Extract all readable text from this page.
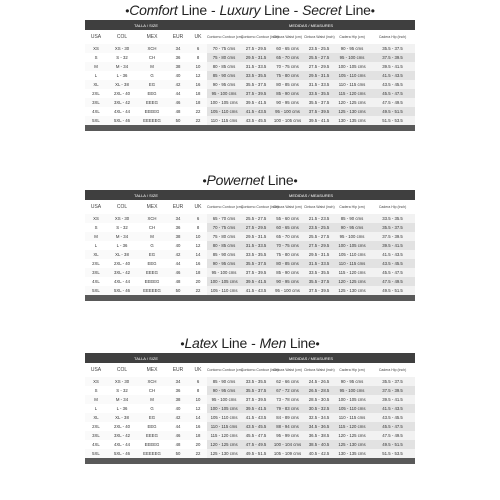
•Comfort Line - Luxury Line - Secret Line•
TALLA / SIZE					MEDIDAS / MEASURES					
USA	COL	MEX	EUR	UK	Contorno Contour (cm)	Contorno Contour (inch)	Cintura Waist (cm)	Cintura Waist (inch)	Cadera Hip (cm)	Cadera Hip (inch)
XS	XS - 30	XCH	34	6	70 - 75 cms	27.5 - 29.5	60 - 65 cms	23.5 - 25.5	90 - 95 cms	35.5 - 37.5
S	S - 32	CH	36	8	75 - 80 cms	29.5 - 31.5	65 - 70 cms	25.5 - 27.5	95 - 100 cms	37.5 - 39.5
M	M - 34	M	38	10	80 - 85 cms	31.5 - 33.5	70 - 75 cms	27.5 - 29.5	100 - 105 cms	39.5 - 41.5
L	L - 36	G	40	12	85 - 90 cms	33.5 - 35.5	75 - 80 cms	29.5 - 31.5	105 - 110 cms	41.5 - 43.5
XL	XL - 38	EG	42	16	90 - 95 cms	35.5 - 37.5	80 - 85 cms	31.5 - 33.5	110 - 115 cms	43.5 - 45.5
2XL	2XL - 40	EEG	44	18	95 - 100 cms	37.5 - 39.5	85 - 90 cms	33.5 - 35.5	115 - 120 cms	45.5 - 47.5
3XL	3XL - 42	EEEG	46	18	100 - 105 cms	39.5 - 41.5	90 - 95 cms	35.5 - 37.5	120 - 125 cms	47.5 - 49.5
4XL	4XL - 44	EEEEG	48	22	105 - 110 cms	41.5 - 43.5	95 - 100 cms	37.5 - 39.5	125 - 130 cms	49.5 - 51.5
5XL	5XL - 46	EEEEEG	50	22	110 - 115 cms	43.5 - 45.5	100 - 105 cms	39.5 - 41.5	130 - 135 cms	51.5 - 53.5

•Powernet Line•
TALLA / SIZE					MEDIDAS / MEASURES					
USA	COL	MEX	EUR	UK	Contorno Contour (cm)	Contorno Contour (inch)	Cintura Waist (cm)	Cintura Waist (inch)	Cadera Hip (cm)	Cadera Hip (inch)
XS	XS - 30	XCH	34	6	65 - 70 cms	25.5 - 27.5	55 - 60 cms	21.5 - 23.5	85 - 90 cms	33.5 - 35.5
S	S - 32	CH	36	8	70 - 75 cms	27.5 - 29.5	60 - 65 cms	23.5 - 25.5	90 - 95 cms	35.5 - 37.5
M	M - 34	M	38	10	75 - 80 cms	29.5 - 31.5	65 - 70 cms	25.5 - 27.5	95 - 100 cms	37.5 - 39.5
L	L - 36	G	40	12	80 - 85 cms	31.5 - 33.5	70 - 75 cms	27.5 - 29.5	100 - 105 cms	39.5 - 41.5
XL	XL - 38	EG	42	14	85 - 90 cms	33.5 - 35.5	75 - 80 cms	29.5 - 31.5	105 - 110 cms	41.5 - 43.5
2XL	2XL - 40	EEG	44	16	90 - 95 cms	35.5 - 37.5	80 - 85 cms	31.5 - 33.5	110 - 115 cms	43.5 - 45.5
3XL	3XL - 42	EEEG	46	18	95 - 100 cms	37.5 - 39.5	85 - 90 cms	33.5 - 35.5	115 - 120 cms	45.5 - 47.5
4XL	4XL - 44	EEEEG	48	20	100 - 105 cms	39.5 - 41.5	90 - 95 cms	35.5 - 37.5	120 - 125 cms	47.5 - 49.5
5XL	5XL - 46	EEEEEG	50	22	105 - 110 cms	41.5 - 43.5	95 - 100 cms	37.5 - 39.5	125 - 130 cms	49.5 - 51.5

•Latex Line - Men Line•
TALLA / SIZE					MEDIDAS / MEASURES					
USA	COL	MEX	EUR	UK	Contorno Contour (cm)	Contorno Contour (inch)	Cintura Waist (cm)	Cintura Waist (inch)	Cadera Hip (cm)	Cadera Hip (inch)
XS	XS - 30	XCH	34	6	85 - 90 cms	33.5 - 35.5	62 - 66 cms	24.5 - 26.5	90 - 95 cms	35.5 - 37.5
S	S - 32	CH	36	8	90 - 95 cms	35.5 - 37.5	67 - 72 cms	26.5 - 28.5	95 - 100 cms	37.5 - 39.5
M	M - 34	M	38	10	95 - 100 cms	37.5 - 39.5	73 - 78 cms	28.5 - 30.5	100 - 105 cms	39.5 - 41.5
L	L - 36	G	40	12	100 - 105 cms	39.5 - 41.5	79 - 83 cms	30.5 - 32.5	105 - 110 cms	41.5 - 43.5
XL	XL - 38	EG	42	14	105 - 110 cms	41.5 - 43.5	84 - 89 cms	32.5 - 34.5	110 - 115 cms	43.5 - 45.5
2XL	2XL - 40	EEG	44	16	110 - 115 cms	43.5 - 45.5	88 - 94 cms	34.5 - 36.5	115 - 120 cms	45.5 - 47.5
3XL	3XL - 42	EEEG	46	18	115 - 120 cms	45.5 - 47.5	95 - 99 cms	36.5 - 38.5	120 - 125 cms	47.5 - 49.5
4XL	4XL - 44	EEEEG	48	20	120 - 125 cms	47.5 - 49.5	100 - 104 cms	38.5 - 40.5	125 - 130 cms	49.5 - 51.5
5XL	5XL - 46	EEEEEG	50	22	125 - 130 cms	49.5 - 51.5	105 - 109 cms	40.5 - 42.5	130 - 135 cms	51.5 - 53.5
